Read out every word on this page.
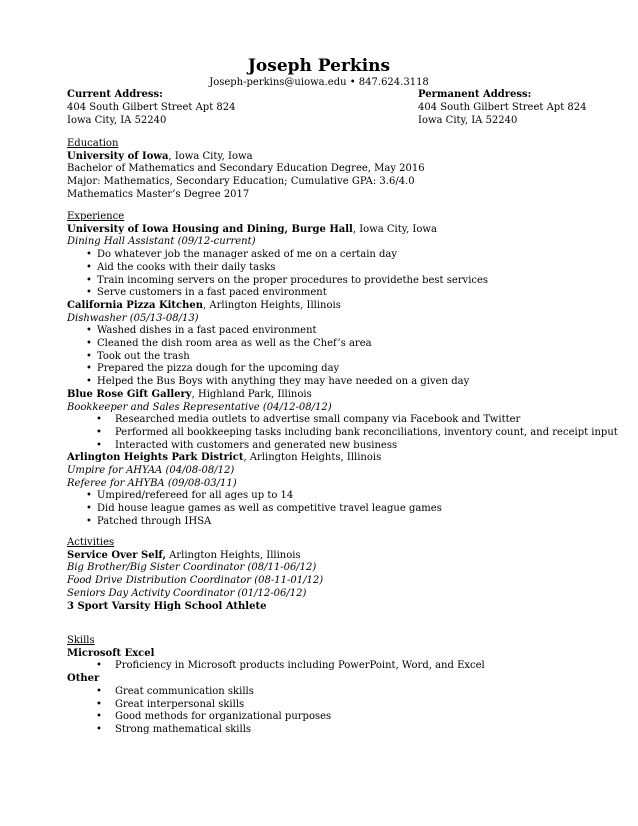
Joseph Perkins
Joseph-perkins@uiowa.edu • 847.624.3118
Current Address:
404 South Gilbert Street Apt 824
Iowa City, IA 52240
Permanent Address:
404 South Gilbert Street Apt 824
Iowa City, IA 52240
Education
University of Iowa, Iowa City, Iowa
Bachelor of Mathematics and Secondary Education Degree, May 2016
Major: Mathematics, Secondary Education; Cumulative GPA: 3.6/4.0
Mathematics Master’s Degree 2017
Experience
University of Iowa Housing and Dining, Burge Hall, Iowa City, Iowa
Dining Hall Assistant (09/12-current)
• Do whatever job the manager asked of me on a certain day
• Aid the cooks with their daily tasks
• Train incoming servers on the proper procedures to providethe best services
• Serve customers in a fast paced environment
California Pizza Kitchen, Arlington Heights, Illinois
Dishwasher (05/13-08/13)
• Washed dishes in a fast paced environment
• Cleaned the dish room area as well as the Chef’s area
• Took out the trash
• Prepared the pizza dough for the upcoming day
• Helped the Bus Boys with anything they may have needed on a given day
Blue Rose Gift Gallery, Highland Park, Illinois
Bookkeeper and Sales Representative (04/12-08/12)
• Researched media outlets to advertise small company via Facebook and Twitter
• Performed all bookkeeping tasks including bank reconciliations, inventory count, and receipt input
• Interacted with customers and generated new business
Arlington Heights Park District, Arlington Heights, Illinois
Umpire for AHYAA (04/08-08/12)
Referee for AHYBA (09/08-03/11)
• Umpired/refereed for all ages up to 14
• Did house league games as well as competitive travel league games
• Patched through IHSA
Activities
Service Over Self, Arlington Heights, Illinois
Big Brother/Big Sister Coordinator (08/11-06/12)
Food Drive Distribution Coordinator (08-11-01/12)
Seniors Day Activity Coordinator (01/12-06/12)
3 Sport Varsity High School Athlete
Skills
Microsoft Excel
• Proficiency in Microsoft products including PowerPoint, Word, and Excel
Other
• Great communication skills
• Great interpersonal skills
• Good methods for organizational purposes
• Strong mathematical skills
